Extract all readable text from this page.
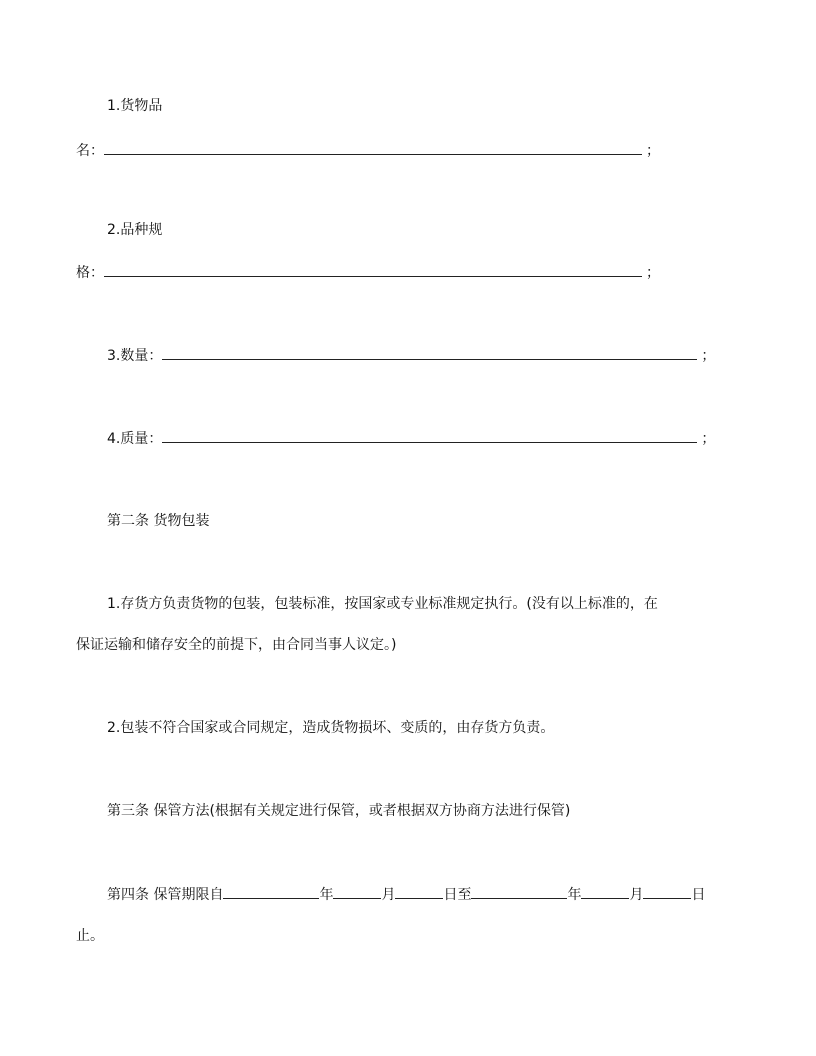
1.货物品
名：	；
2.品种规
格：	；
3.数量：	；
4.质量：	；
第二条 货物包装
1.存货方负责货物的包装，包装标准，按国家或专业标准规定执行。(没有以上标准的，在
保证运输和储存安全的前提下，由合同当事人议定。)
2.包装不符合国家或合同规定，造成货物损坏、变质的，由存货方负责。
第三条 保管方法(根据有关规定进行保管，或者根据双方协商方法进行保管)
第四条 保管期限自	年	月	日至	年	月	日
止。
